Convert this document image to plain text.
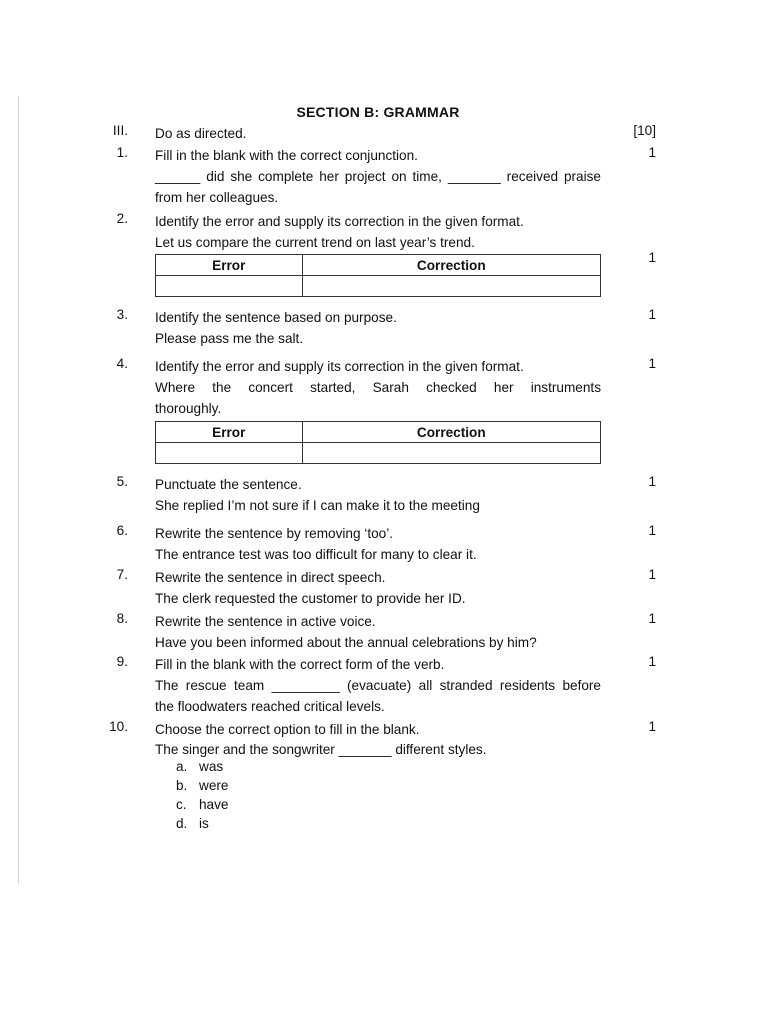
SECTION B: GRAMMAR
III. Do as directed.	[10]
1. Fill in the blank with the correct conjunction.

______ did she complete her project on time, _______ received praise

from her colleagues.

1
2. Identify the error and supply its correction in the given format.

Let us compare the current trend on last year’s trend.

1
Error	Correction

3. Identify the sentence based on purpose.

Please pass me the salt.

1
4. Identify the error and supply its correction in the given format.

Where the concert started, Sarah checked her instruments

thoroughly.

1
Error	Correction

5. Punctuate the sentence.

She replied I’m not sure if I can make it to the meeting

1
6. Rewrite the sentence by removing ‘too’.

The entrance test was too difficult for many to clear it.

1
7. Rewrite the sentence in direct speech.

The clerk requested the customer to provide her ID.

1
8. Rewrite the sentence in active voice.

Have you been informed about the annual celebrations by him?

1
9. Fill in the blank with the correct form of the verb.

The rescue team _________ (evacuate) all stranded residents before

the floodwaters reached critical levels.

1
10. Choose the correct option to fill in the blank.

The singer and the songwriter _______ different styles.

1
a. was
b. were
c. have
d. is
